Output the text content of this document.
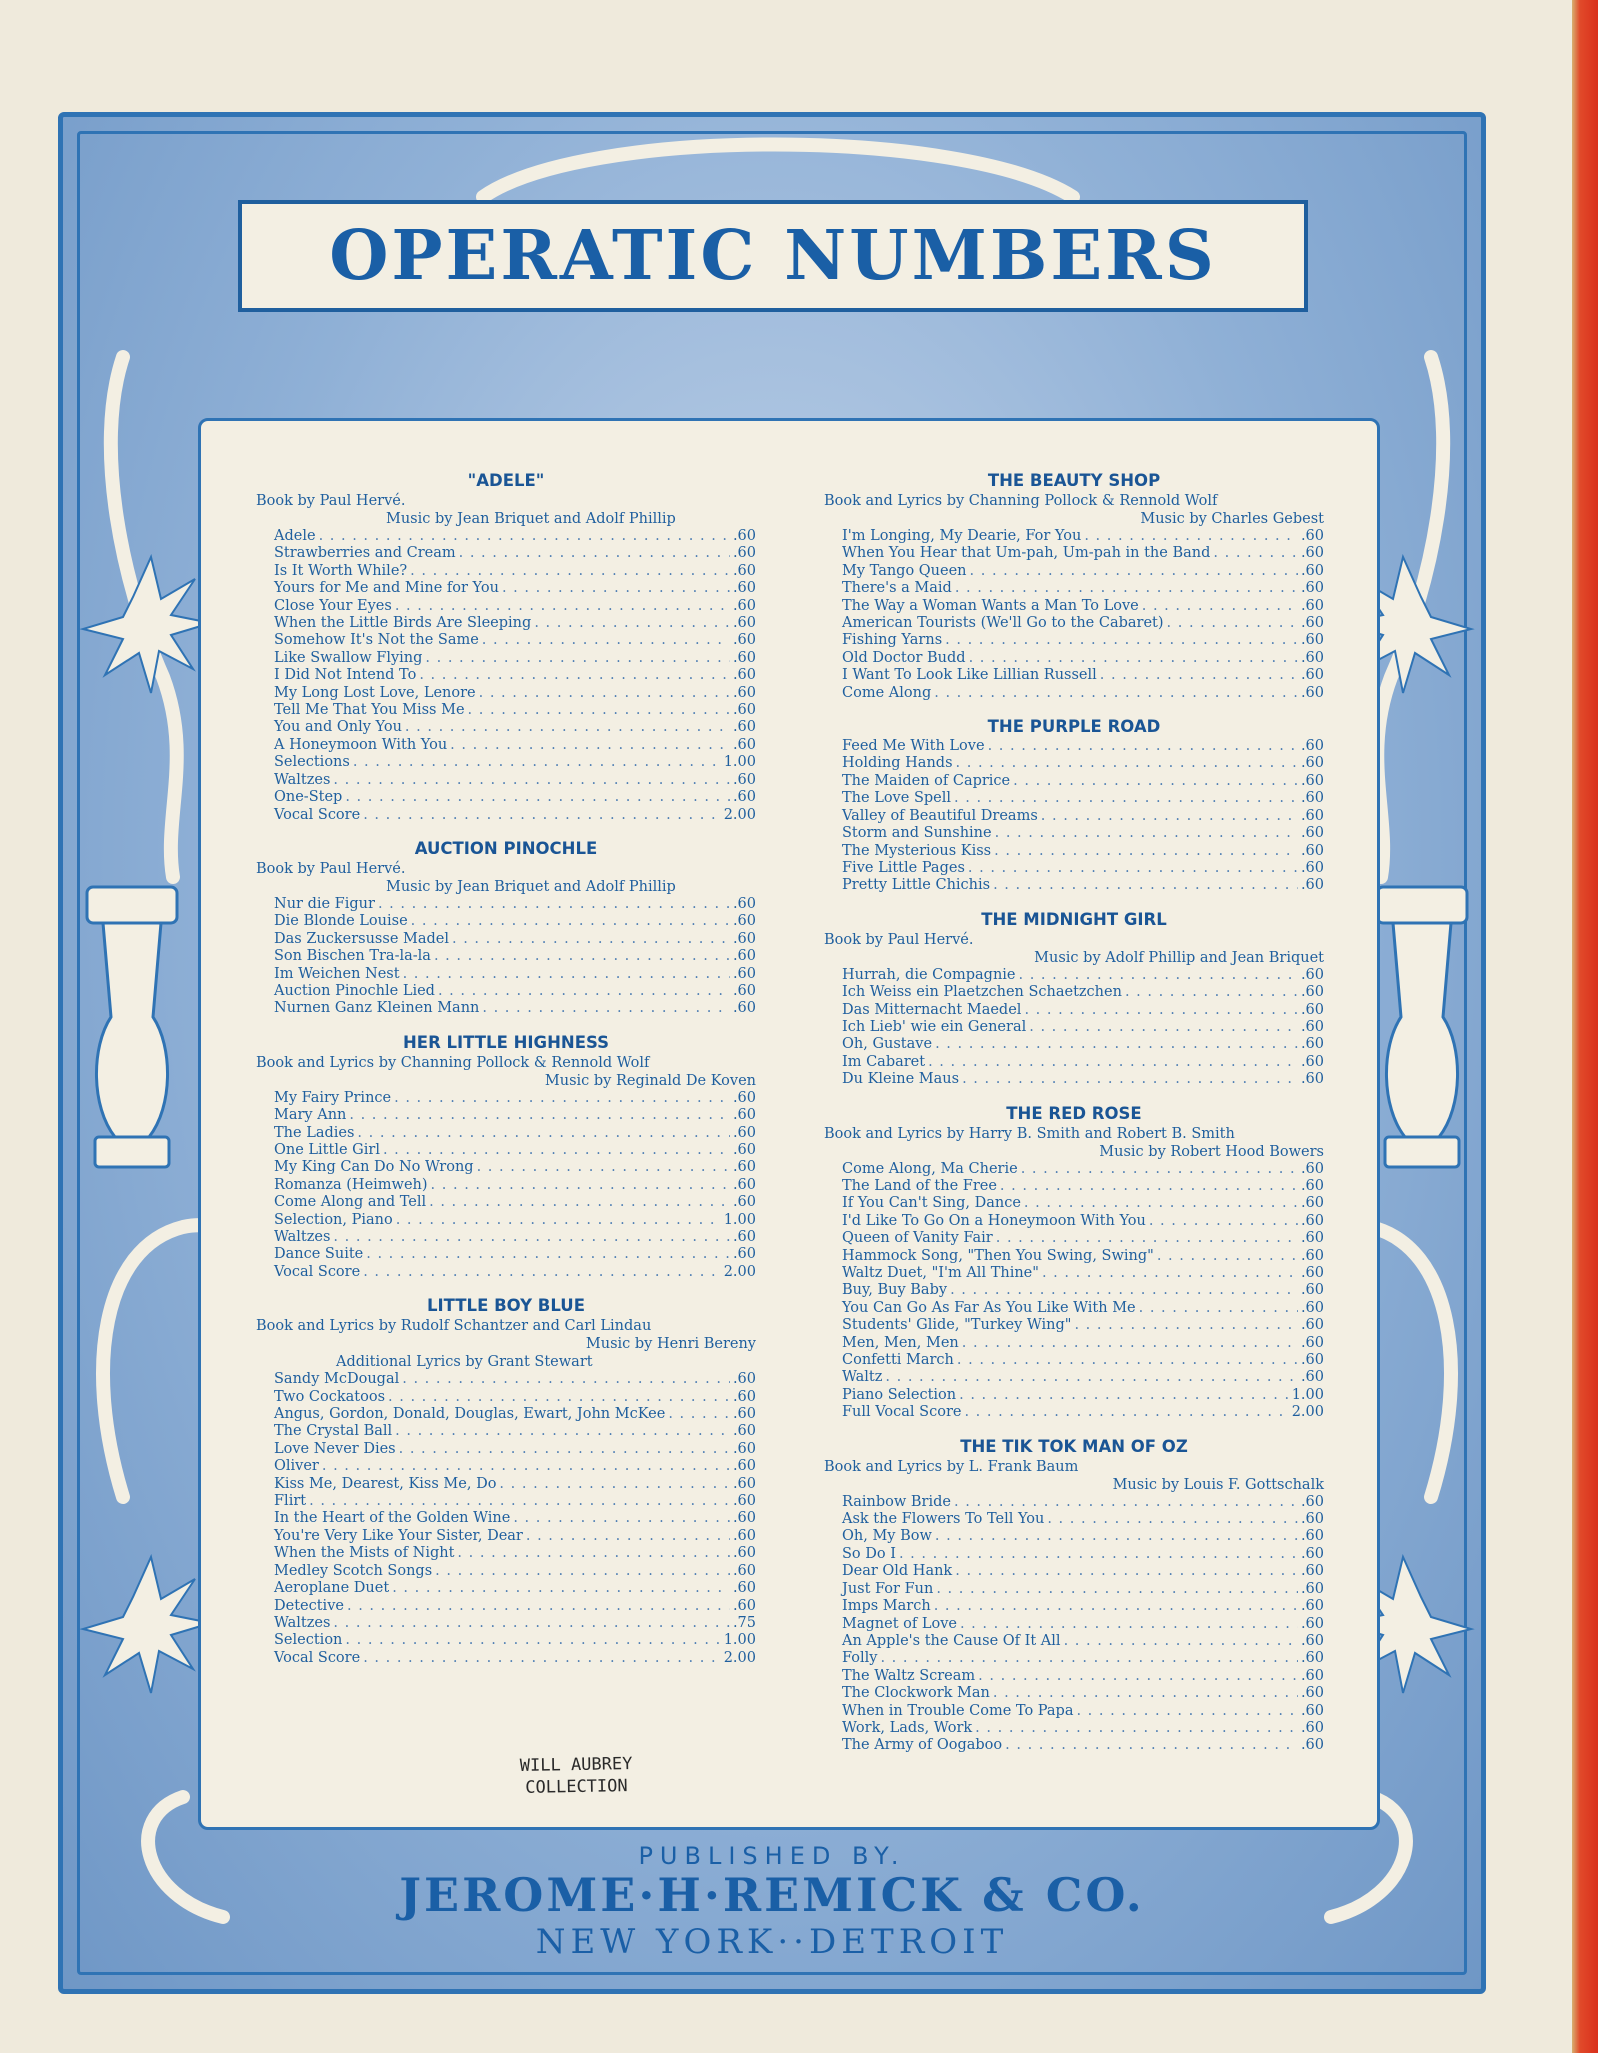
OPERATIC NUMBERS
"ADELE"

Book by Paul Hervé.

Music by Jean Briquet and Adolf Phillip

Adele . . .	.60
Strawberries and Cream . . .	.60
Is It Worth While? . . .	.60
Yours for Me and Mine for You . . .	.60
Close Your Eyes . . .	.60
When the Little Birds Are Sleeping . . .	.60
Somehow It's Not the Same . . .	.60
Like Swallow Flying . . .	.60
I Did Not Intend To . . .	.60
My Long Lost Love, Lenore . . .	.60
Tell Me That You Miss Me . . .	.60
You and Only You . . .	.60
A Honeymoon With You . . .	.60
Selections . . .	1.00
Waltzes . . .	.60
One-Step . . .	.60
Vocal Score . . .	2.00
AUCTION PINOCHLE

Book by Paul Hervé.

Music by Jean Briquet and Adolf Phillip

Nur die Figur . . .	.60
Die Blonde Louise . . .	.60
Das Zuckersusse Madel . . .	.60
Son Bischen Tra-la-la . . .	.60
Im Weichen Nest . . .	.60
Auction Pinochle Lied . . .	.60
Nurnen Ganz Kleinen Mann . . .	.60
HER LITTLE HIGHNESS

Book and Lyrics by Channing Pollock & Rennold Wolf

Music by Reginald De Koven

My Fairy Prince . . .	.60
Mary Ann . . .	.60
The Ladies . . .	.60
One Little Girl . . .	.60
My King Can Do No Wrong . . .	.60
Romanza (Heimweh) . . .	.60
Come Along and Tell . . .	.60
Selection, Piano . . .	1.00
Waltzes . . .	.60
Dance Suite . . .	.60
Vocal Score . . .	2.00
LITTLE BOY BLUE

Book and Lyrics by Rudolf Schantzer and Carl Lindau

Music by Henri Bereny

Additional Lyrics by Grant Stewart

Sandy McDougal . . .	.60
Two Cockatoos . . .	.60
Angus, Gordon, Donald, Douglas, Ewart, John McKee . . .	.60
The Crystal Ball . . .	.60
Love Never Dies . . .	.60
Oliver . . .	.60
Kiss Me, Dearest, Kiss Me, Do . . .	.60
Flirt . . .	.60
In the Heart of the Golden Wine . . .	.60
You're Very Like Your Sister, Dear . . .	.60
When the Mists of Night . . .	.60
Medley Scotch Songs . . .	.60
Aeroplane Duet . . .	.60
Detective . . .	.60
Waltzes . . .	.75
Selection . . .	1.00
Vocal Score . . .	2.00
THE BEAUTY SHOP

Book and Lyrics by Channing Pollock & Rennold Wolf

Music by Charles Gebest

I'm Longing, My Dearie, For You . . .	.60
When You Hear that Um-pah, Um-pah in the Band . . .	.60
My Tango Queen . . .	.60
There's a Maid . . .	.60
The Way a Woman Wants a Man To Love . . .	.60
American Tourists (We'll Go to the Cabaret) . . .	.60
Fishing Yarns . . .	.60
Old Doctor Budd . . .	.60
I Want To Look Like Lillian Russell . . .	.60
Come Along . . .	.60
THE PURPLE ROAD
Feed Me With Love . . .	.60
Holding Hands . . .	.60
The Maiden of Caprice . . .	.60
The Love Spell . . .	.60
Valley of Beautiful Dreams . . .	.60
Storm and Sunshine . . .	.60
The Mysterious Kiss . . .	.60
Five Little Pages . . .	.60
Pretty Little Chichis . . .	.60
THE MIDNIGHT GIRL

Book by Paul Hervé.

Music by Adolf Phillip and Jean Briquet

Hurrah, die Compagnie . . .	.60
Ich Weiss ein Plaetzchen Schaetzchen . . .	.60
Das Mitternacht Maedel . . .	.60
Ich Lieb' wie ein General . . .	.60
Oh, Gustave . . .	.60
Im Cabaret . . .	.60
Du Kleine Maus . . .	.60
THE RED ROSE

Book and Lyrics by Harry B. Smith and Robert B. Smith

Music by Robert Hood Bowers

Come Along, Ma Cherie . . .	.60
The Land of the Free . . .	.60
If You Can't Sing, Dance . . .	.60
I'd Like To Go On a Honeymoon With You . . .	.60
Queen of Vanity Fair . . .	.60
Hammock Song, "Then You Swing, Swing" . . .	.60
Waltz Duet, "I'm All Thine" . . .	.60
Buy, Buy Baby . . .	.60
You Can Go As Far As You Like With Me . . .	.60
Students' Glide, "Turkey Wing" . . .	.60
Men, Men, Men . . .	.60
Confetti March . . .	.60
Waltz . . .	.60
Piano Selection . . .	1.00
Full Vocal Score . . .	2.00
THE TIK TOK MAN OF OZ

Book and Lyrics by L. Frank Baum

Music by Louis F. Gottschalk

Rainbow Bride . . .	.60
Ask the Flowers To Tell You . . .	.60
Oh, My Bow . . .	.60
So Do I . . .	.60
Dear Old Hank . . .	.60
Just For Fun . . .	.60
Imps March . . .	.60
Magnet of Love . . .	.60
An Apple's the Cause Of It All . . .	.60
Folly . . .	.60
The Waltz Scream . . .	.60
The Clockwork Man . . .	.60
When in Trouble Come To Papa . . .	.60
Work, Lads, Work . . .	.60
The Army of Oogaboo . . .	.60
WILL AUBREY
COLLECTION
PUBLISHED BY.
JEROME·H·REMICK & CO.
NEW YORK··DETROIT
